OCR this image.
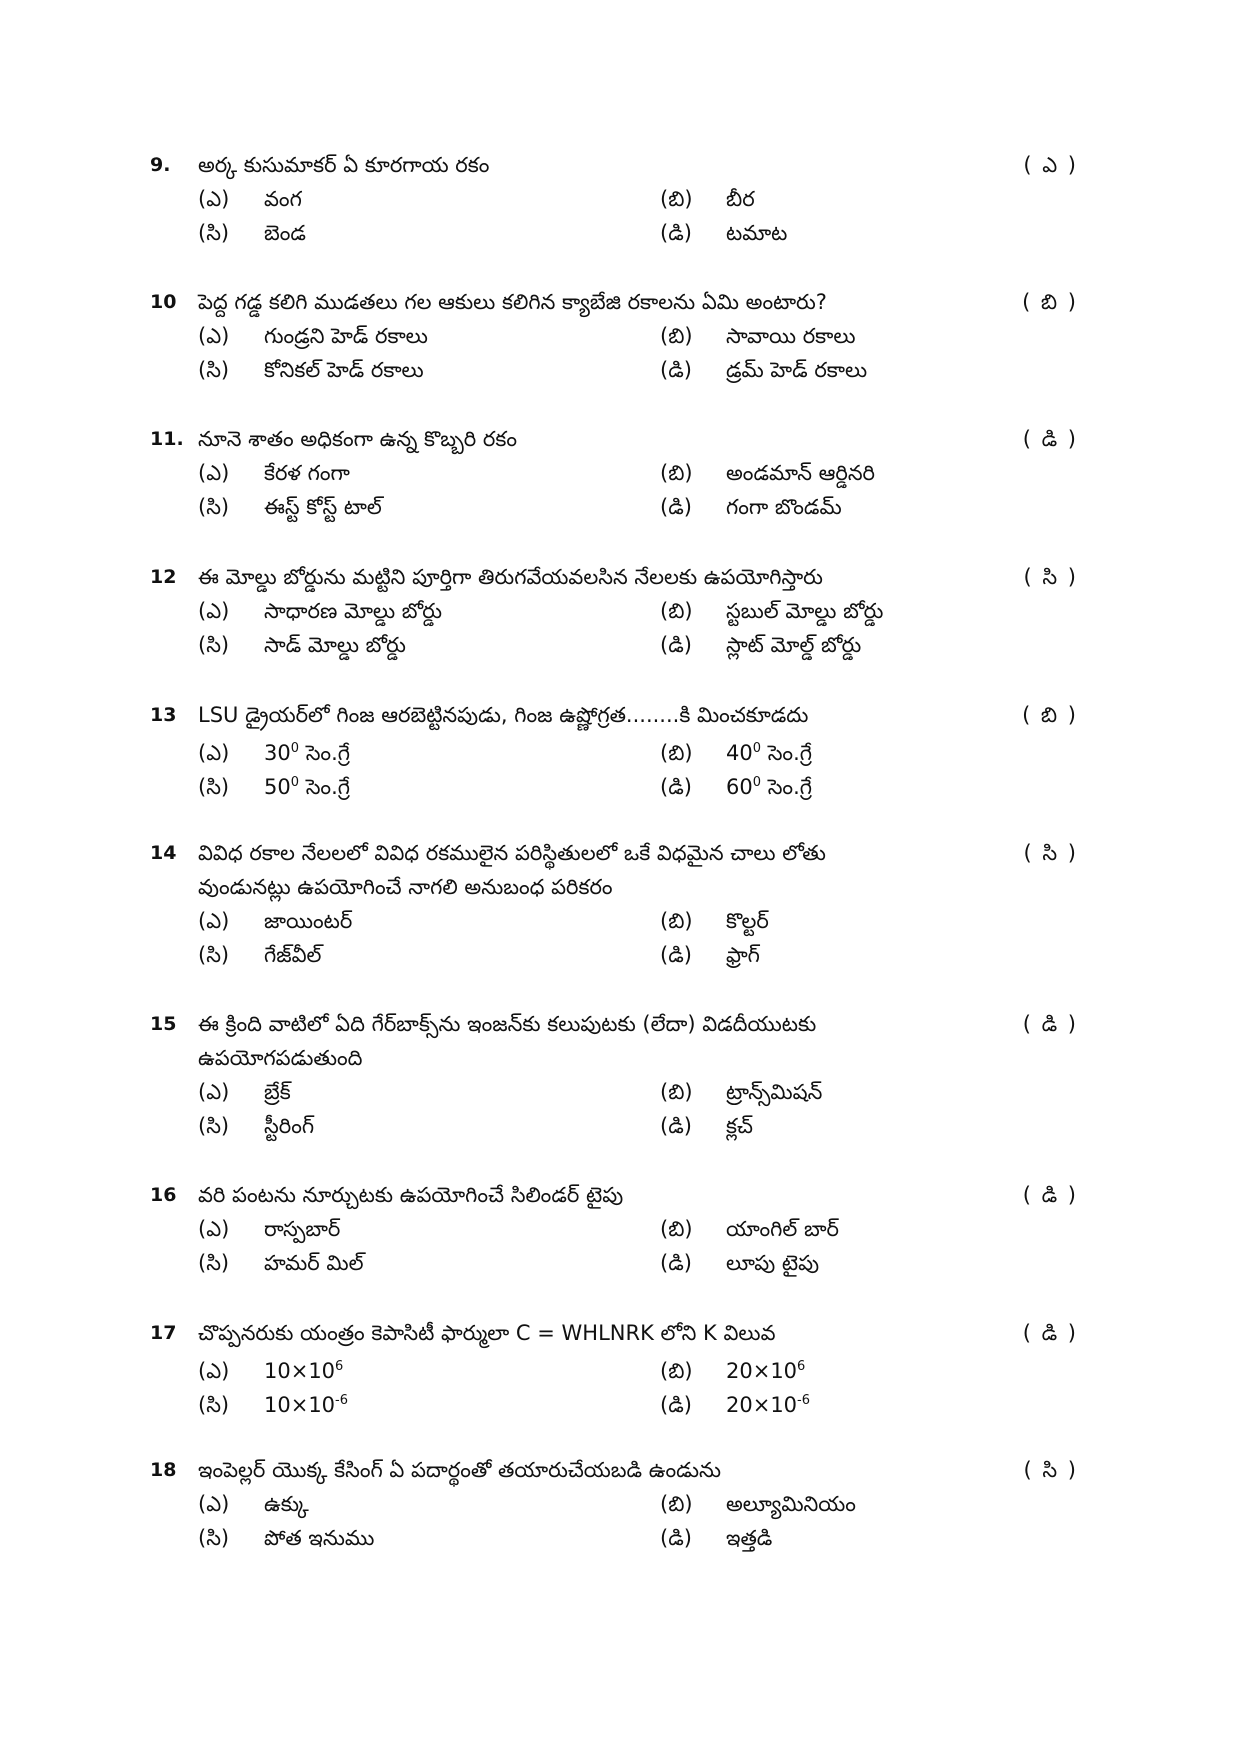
9.	అర్క కుసుమాకర్ ఏ కూరగాయ రకం	( ఎ )
(ఎ) వంగ	(బి) బీర
(సి) బెండ	(డి) టమాట
10	పెద్ద గడ్డ కలిగి ముడతలు గల ఆకులు కలిగిన క్యాబేజి రకాలను ఏమి అంటారు?	( బి )
(ఎ) గుండ్రని హెడ్ రకాలు	(బి) సావాయి రకాలు
(సి) కోనికల్ హెడ్ రకాలు	(డి) డ్రమ్ హెడ్ రకాలు
11. నూనె శాతం అధికంగా ఉన్న కొబ్బరి రకం	( డి )
(ఎ) కేరళ గంగా	(బి) అండమాన్ ఆర్డినరి
(సి) ఈస్ట్ కోస్ట్ టాల్	(డి) గంగా బొండమ్
12	ఈ మోల్డు బోర్డును మట్టిని పూర్తిగా తిరుగవేయవలసిన నేలలకు ఉపయోగిస్తారు	( సి )
(ఎ) సాధారణ మోల్డు బోర్డు	(బి) స్టబుల్ మోల్డు బోర్డు
(సి) సాడ్ మోల్డు బోర్డు	(డి) స్లాట్ మోల్డ్ బోర్డు
13	LSU డ్రైయర్‌లో గింజ ఆరబెట్టినపుడు, గింజ ఉష్ణోగ్రత........కి మించకూడదు	( బి )
(ఎ) $30^0$ సెం.గ్రే	(బి) $40^0$ సెం.గ్రే
(సి) $50^0$ సెం.గ్రే	(డి) $60^0$ సెం.గ్రే
14	వివిధ రకాల నేలలలో వివిధ రకములైన పరిస్థితులలో ఒకే విధమైన చాలు లోతు	( సి )
వుండునట్లు ఉపయోగించే నాగలి అనుబంధ పరికరం
(ఎ) జాయింటర్	(బి) కొల్టర్
(సి) గేజ్‌వీల్	(డి) ఫ్రాగ్
15	ఈ క్రింది వాటిలో ఏది గేర్‌బాక్స్‌ను ఇంజన్‌కు కలుపుటకు (లేదా) విడదీయుటకు	( డి )
ఉపయోగపడుతుంది
(ఎ) బ్రేక్	(బి) ట్రాన్స్‌మిషన్
(సి) స్టీరింగ్	(డి) క్లచ్
16	వరి పంటను నూర్చుటకు ఉపయోగించే సిలిండర్ టైపు	( డి )
(ఎ) రాస్పబార్	(బి) యాంగిల్ బార్
(సి) హమర్ మిల్	(డి) లూపు టైపు
17	చొప్పనరుకు యంత్రం కెపాసిటీ ఫార్ములా C = WHLNRK లోని K విలువ	( డి )
(ఎ) $10\times 10^6$	(బి) $20\times 10^6$
(సి) $10\times 10^{-6}$	(డి) $20\times 10^{-6}$
18	ఇంపెల్లర్ యొక్క కేసింగ్ ఏ పదార్థంతో తయారుచేయబడి ఉండును	( సి )
(ఎ) ఉక్కు	(బి) అల్యూమినియం
(సి) పోత ఇనుము	(డి) ఇత్తడి
